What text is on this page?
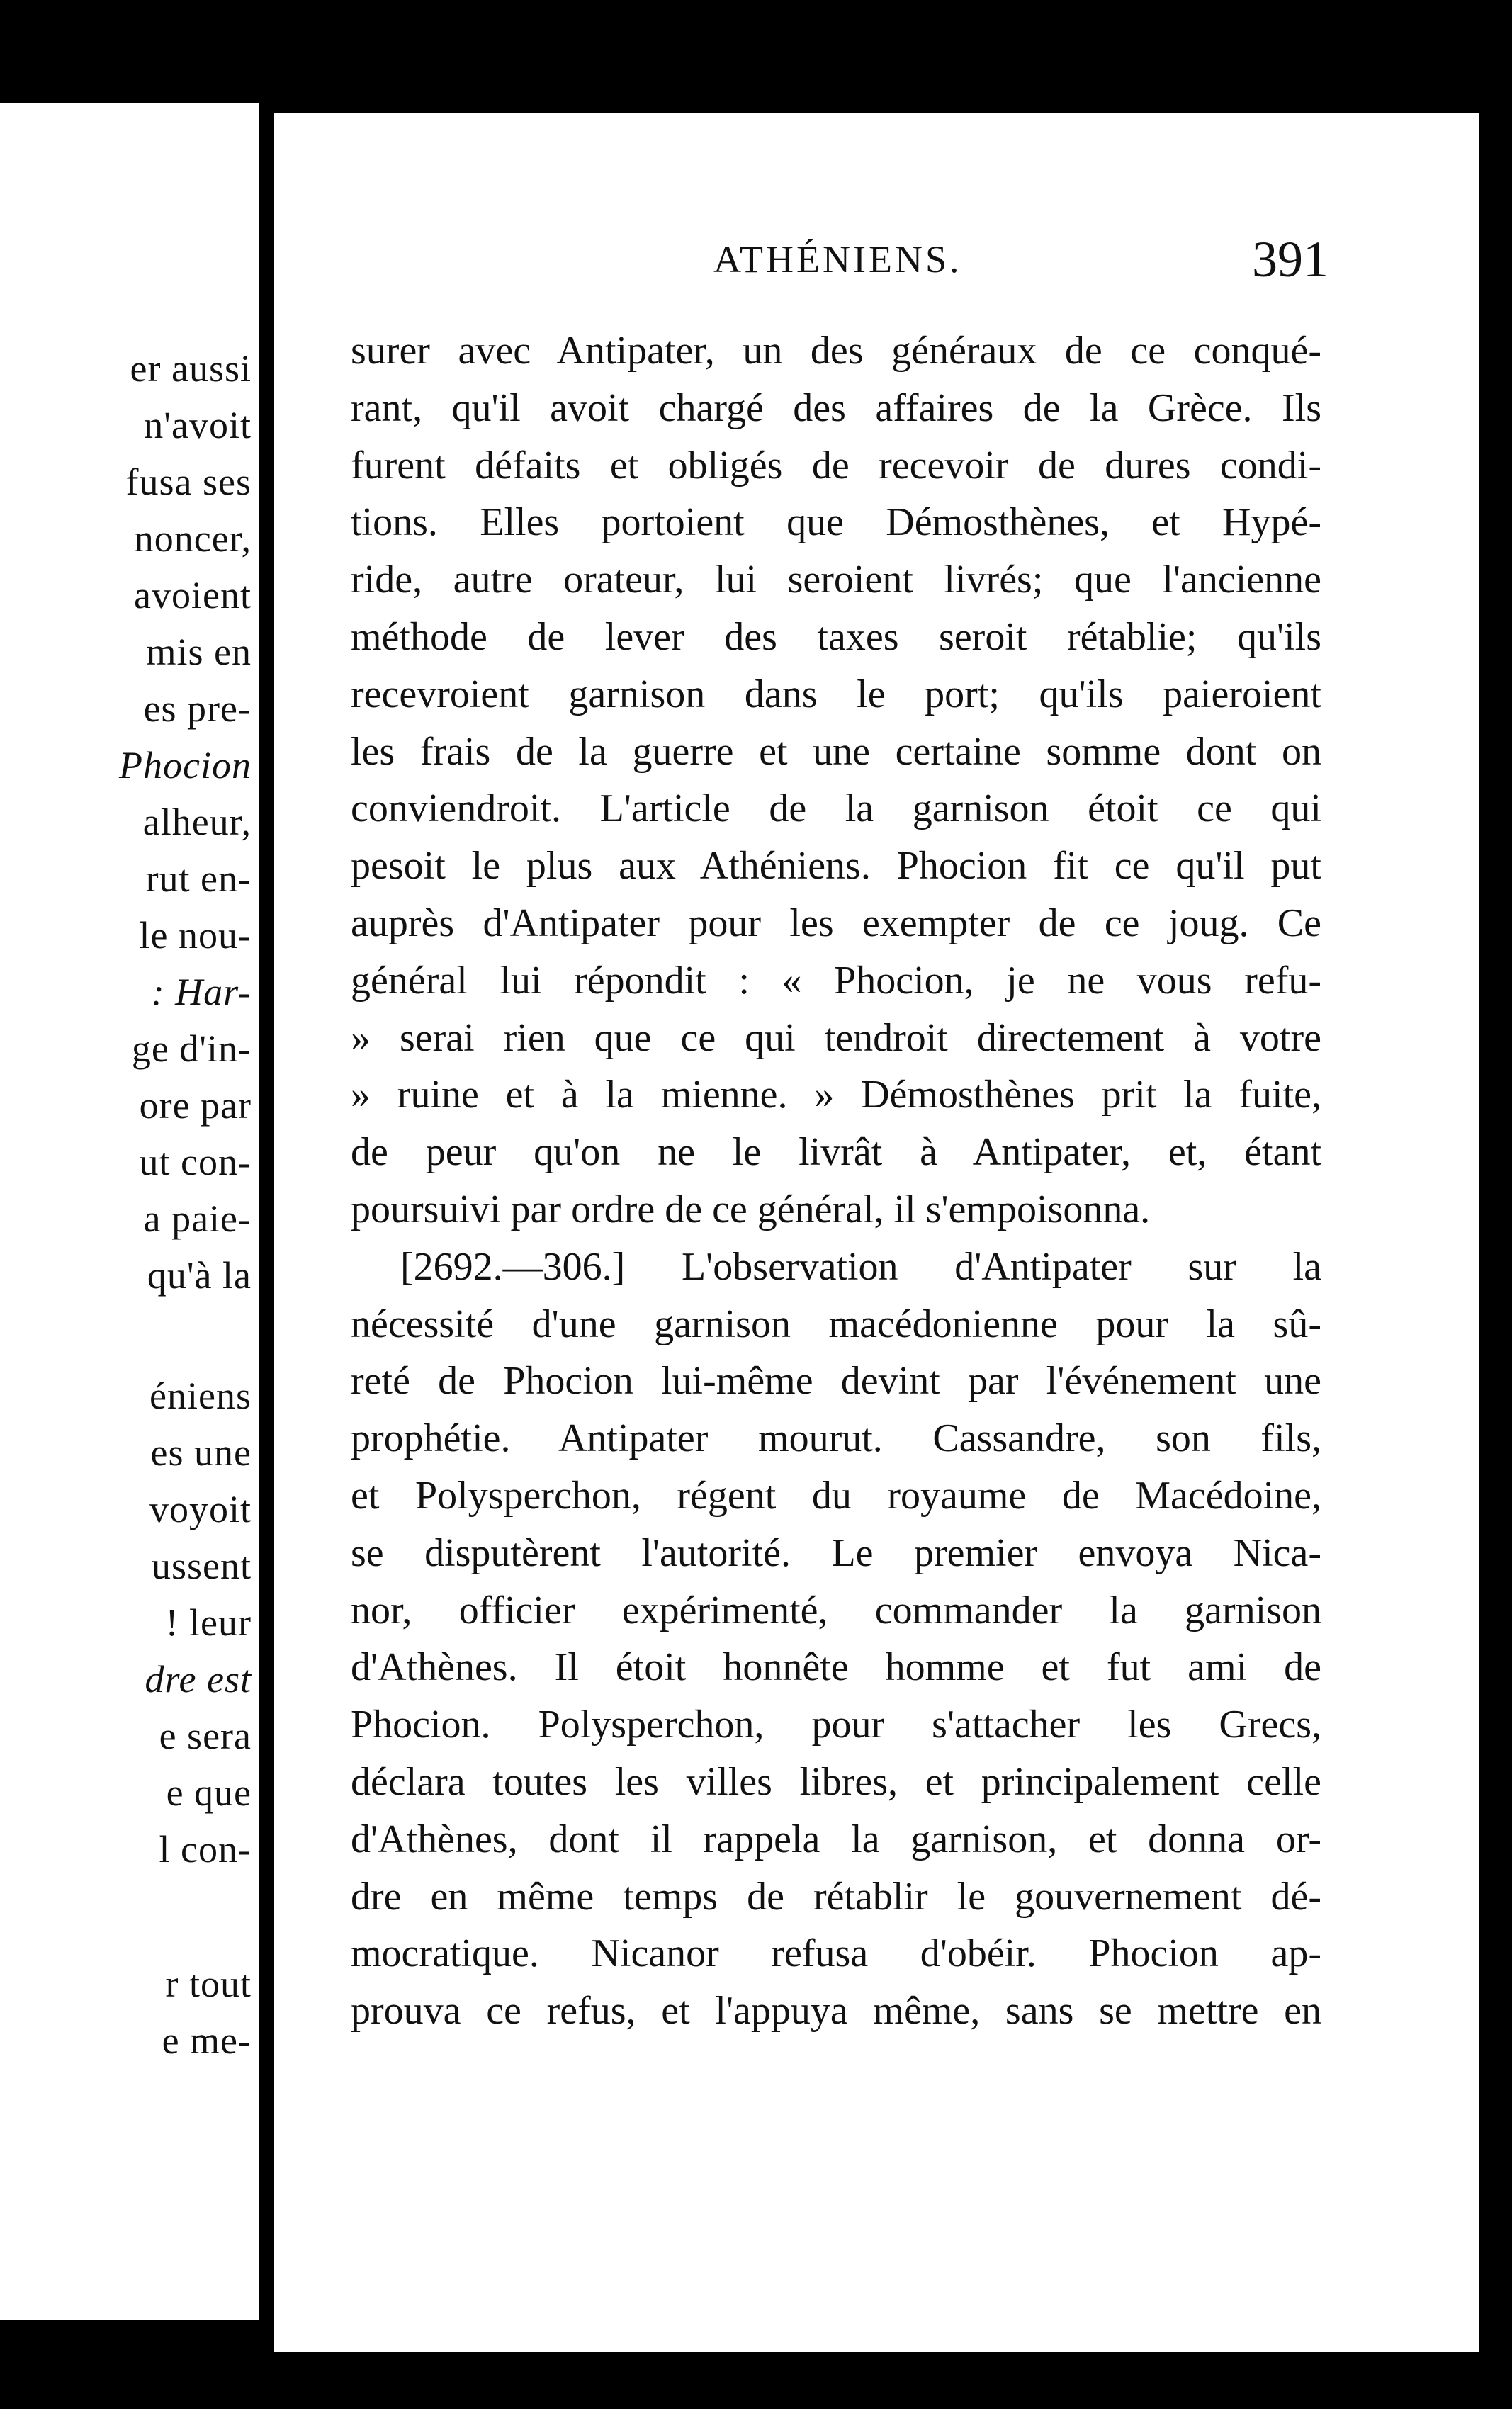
er aussi

n'avoit

fusa ses

noncer,

avoient

mis en

es pre-

Phocion

alheur,

rut en-

le nou-

: Har-

ge d'in-

ore par

ut con-

a paie-

qu'à la

éniens

es une

voyoit

ussent

! leur

dre est

e sera

e que

l con-

r tout

e me-

ATHÉNIENS.	391

surer avec Antipater, un des généraux de ce conqué-

rant, qu'il avoit chargé des affaires de la Grèce. Ils

furent défaits et obligés de recevoir de dures condi-

tions. Elles portoient que Démosthènes, et Hypé-

ride, autre orateur, lui seroient livrés; que l'ancienne

méthode de lever des taxes seroit rétablie; qu'ils

recevroient garnison dans le port; qu'ils paieroient

les frais de la guerre et une certaine somme dont on

conviendroit. L'article de la garnison étoit ce qui

pesoit le plus aux Athéniens. Phocion fit ce qu'il put

auprès d'Antipater pour les exempter de ce joug. Ce

général lui répondit : « Phocion, je ne vous refu-

» serai rien que ce qui tendroit directement à votre

» ruine et à la mienne. » Démosthènes prit la fuite,

de peur qu'on ne le livrât à Antipater, et, étant

poursuivi par ordre de ce général, il s'empoisonna.

[2692.—306.] L'observation d'Antipater sur la

nécessité d'une garnison macédonienne pour la sû-

reté de Phocion lui-même devint par l'événement une

prophétie. Antipater mourut. Cassandre, son fils,

et Polysperchon, régent du royaume de Macédoine,

se disputèrent l'autorité. Le premier envoya Nica-

nor, officier expérimenté, commander la garnison

d'Athènes. Il étoit honnête homme et fut ami de

Phocion. Polysperchon, pour s'attacher les Grecs,

déclara toutes les villes libres, et principalement celle

d'Athènes, dont il rappela la garnison, et donna or-

dre en même temps de rétablir le gouvernement dé-

mocratique. Nicanor refusa d'obéir. Phocion ap-

prouva ce refus, et l'appuya même, sans se mettre en
